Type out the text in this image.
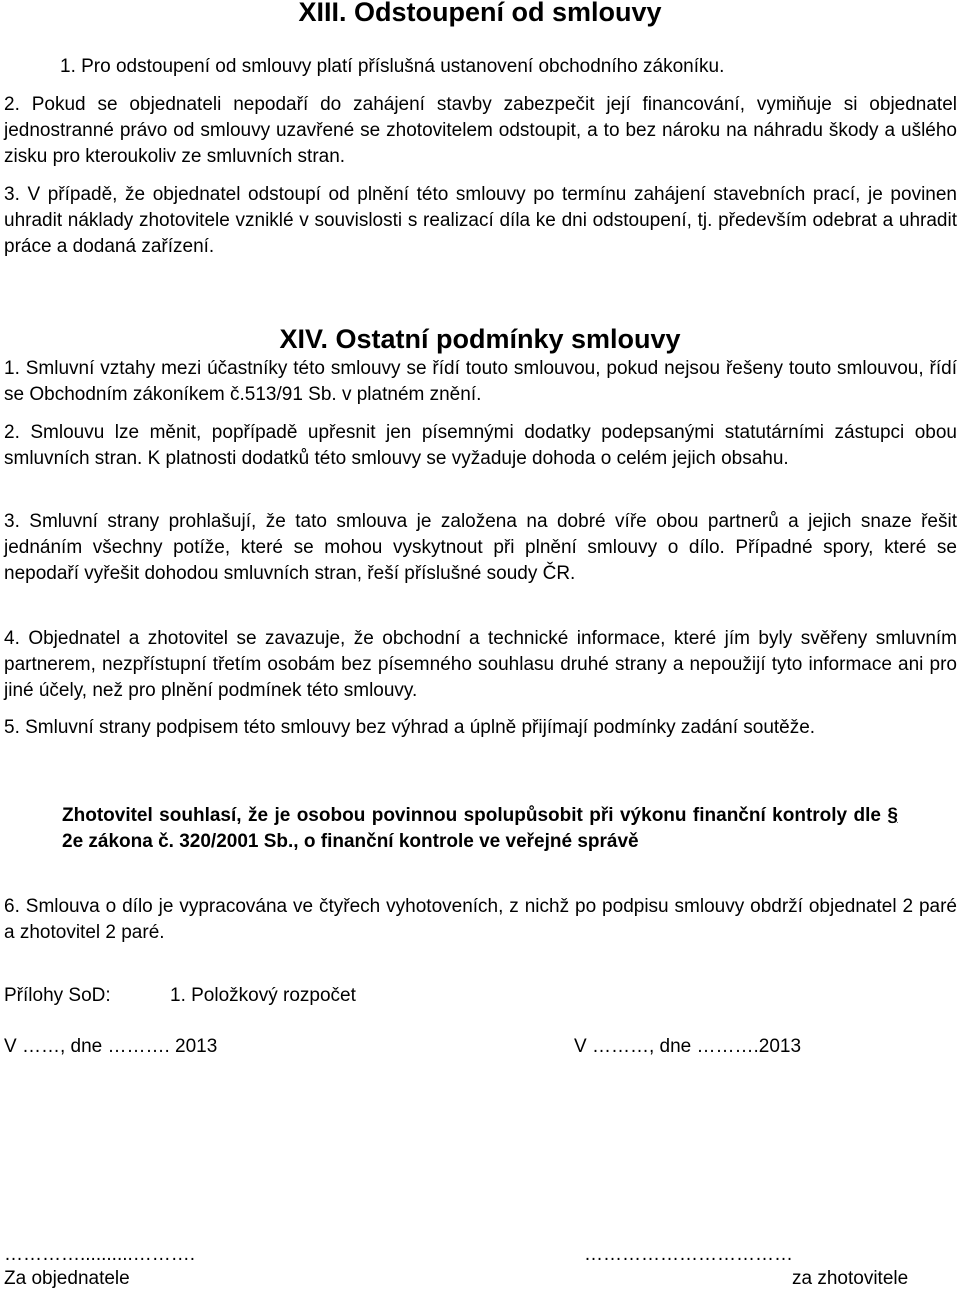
XIII. Odstoupení od smlouvy

1. Pro odstoupení od smlouvy platí příslušná ustanovení obchodního zákoníku.

2. Pokud se objednateli nepodaří do zahájení stavby zabezpečit její financování, vymiňuje si objednatel jednostranné právo od smlouvy uzavřené se zhotovitelem odstoupit, a to bez nároku na náhradu škody a ušlého zisku pro kteroukoliv ze smluvních stran.

3. V případě, že objednatel odstoupí od plnění této smlouvy po termínu zahájení stavebních prací, je povinen uhradit náklady zhotovitele vzniklé v souvislosti s realizací díla ke dni odstoupení, tj. především odebrat a uhradit práce a dodaná zařízení.

XIV. Ostatní podmínky smlouvy

1. Smluvní vztahy mezi účastníky této smlouvy se řídí touto smlouvou, pokud nejsou řešeny touto smlouvou, řídí se Obchodním zákoníkem č.513/91 Sb. v platném znění.

2. Smlouvu lze měnit, popřípadě upřesnit jen písemnými dodatky podepsanými statutárními zástupci obou smluvních stran. K platnosti dodatků této smlouvy se vyžaduje dohoda o celém jejich obsahu.

3. Smluvní strany prohlašují, že tato smlouva je založena na dobré víře obou partnerů a jejich snaze řešit jednáním všechny potíže, které se mohou vyskytnout při plnění smlouvy o dílo. Případné spory, které se nepodaří vyřešit dohodou smluvních stran, řeší příslušné soudy ČR.

4. Objednatel a zhotovitel se zavazuje, že obchodní a technické informace, které jím byly svěřeny smluvním partnerem, nezpřístupní třetím osobám bez písemného souhlasu druhé strany a nepoužijí tyto informace ani pro jiné účely, než pro plnění podmínek této smlouvy.

5. Smluvní strany podpisem této smlouvy bez výhrad a úplně přijímají podmínky zadání soutěže.

Zhotovitel souhlasí, že je osobou povinnou spolupůsobit při výkonu finanční kontroly dle § 2e zákona č. 320/2001 Sb., o finanční kontrole ve veřejné správě

6. Smlouva o dílo je vypracována ve čtyřech vyhotoveních, z nichž po podpisu smlouvy obdrží objednatel 2 paré a zhotovitel 2 paré.

Přílohy SoD:	1. Položkový rozpočet

V ……, dne ………. 2013	V ………, dne ……….2013

…………..........……….	……………………………

Za objednatele	za zhotovitele
